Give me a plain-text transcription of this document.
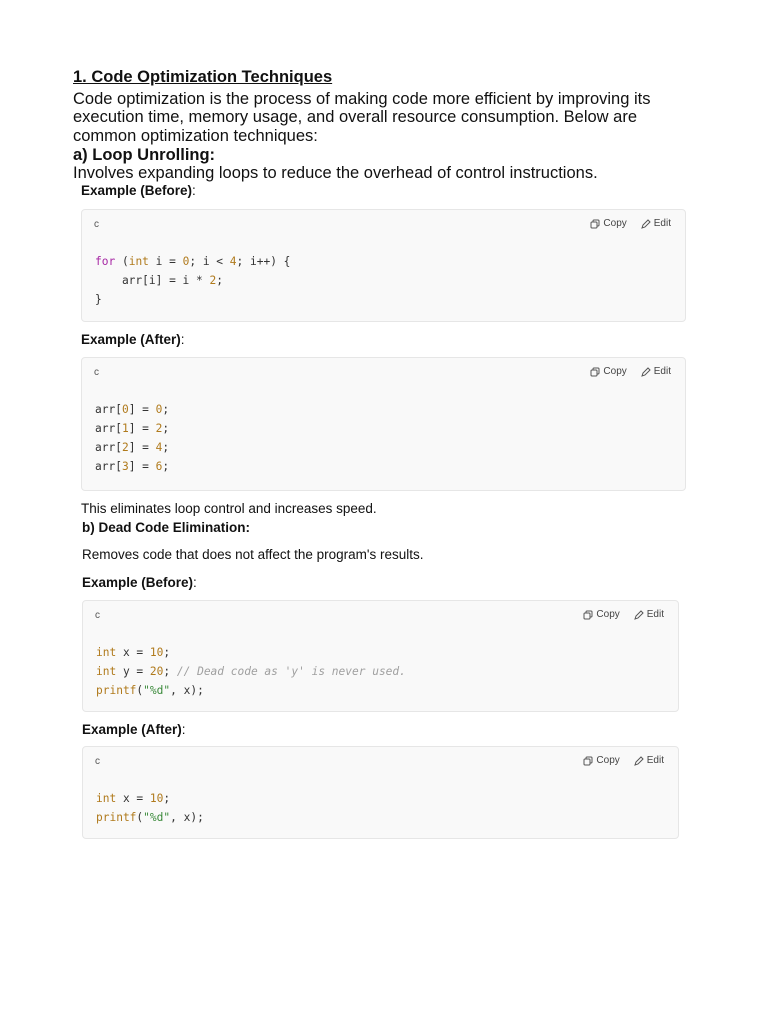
1. Code Optimization Techniques
Code optimization is the process of making code more efficient by improving its
execution time, memory usage, and overall resource consumption. Below are
common optimization techniques:
a) Loop Unrolling:
Involves expanding loops to reduce the overhead of control instructions.
Example (Before):
c	Copy	Edit
for (int i = 0; i < 4; i++) {
arr[i] = i * 2;
}
Example (After):
c	Copy	Edit
arr[0] = 0;
arr[1] = 2;
arr[2] = 4;
arr[3] = 6;
This eliminates loop control and increases speed.
b) Dead Code Elimination:
Removes code that does not affect the program's results.
Example (Before):
c	Copy	Edit
int x = 10;
int y = 20; // Dead code as 'y' is never used.
printf("%d", x);
Example (After):
c	Copy	Edit
int x = 10;
printf("%d", x);
